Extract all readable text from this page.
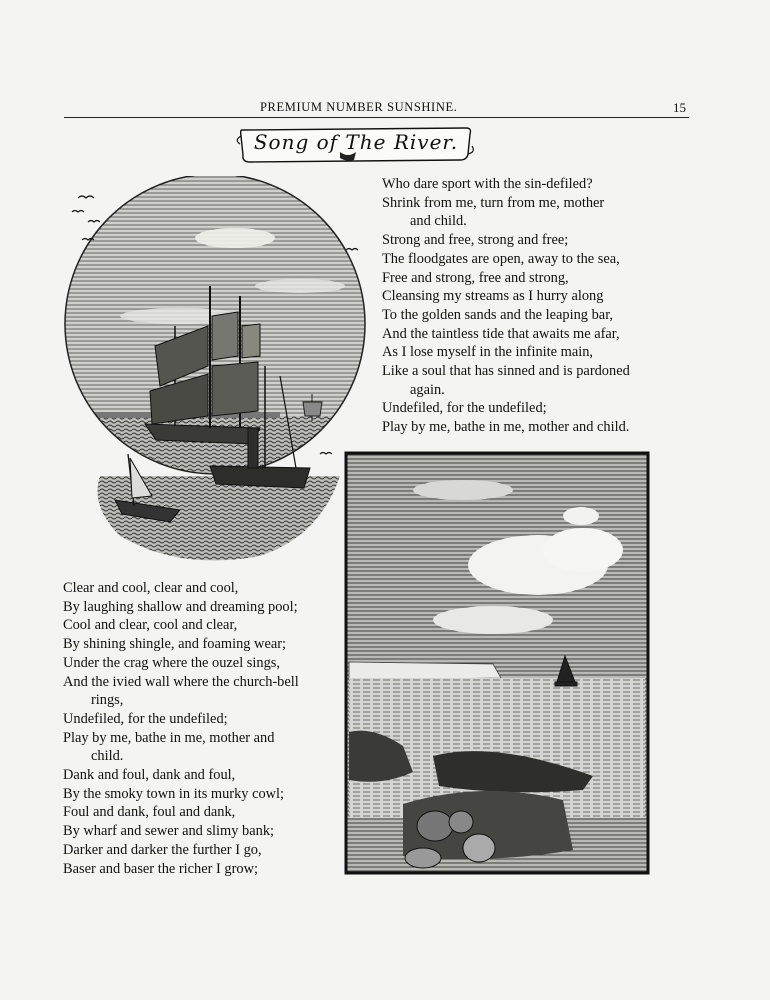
PREMIUM NUMBER SUNSHINE.	15
Song of The River.
Who dare sport with the sin-defiled?
Shrink from me, turn from me, mother
and child.
Strong and free, strong and free;
The floodgates are open, away to the sea,
Free and strong, free and strong,
Cleansing my streams as I hurry along
To the golden sands and the leaping bar,
And the taintless tide that awaits me afar,
As I lose myself in the infinite main,
Like a soul that has sinned and is pardoned
again.
Undefiled, for the undefiled;
Play by me, bathe in me, mother and child.
Clear and cool, clear and cool,
By laughing shallow and dreaming pool;
Cool and clear, cool and clear,
By shining shingle, and foaming wear;
Under the crag where the ouzel sings,
And the ivied wall where the church-bell
rings,
Undefiled, for the undefiled;
Play by me, bathe in me, mother and
child.
Dank and foul, dank and foul,
By the smoky town in its murky cowl;
Foul and dank, foul and dank,
By wharf and sewer and slimy bank;
Darker and darker the further I go,
Baser and baser the richer I grow;
